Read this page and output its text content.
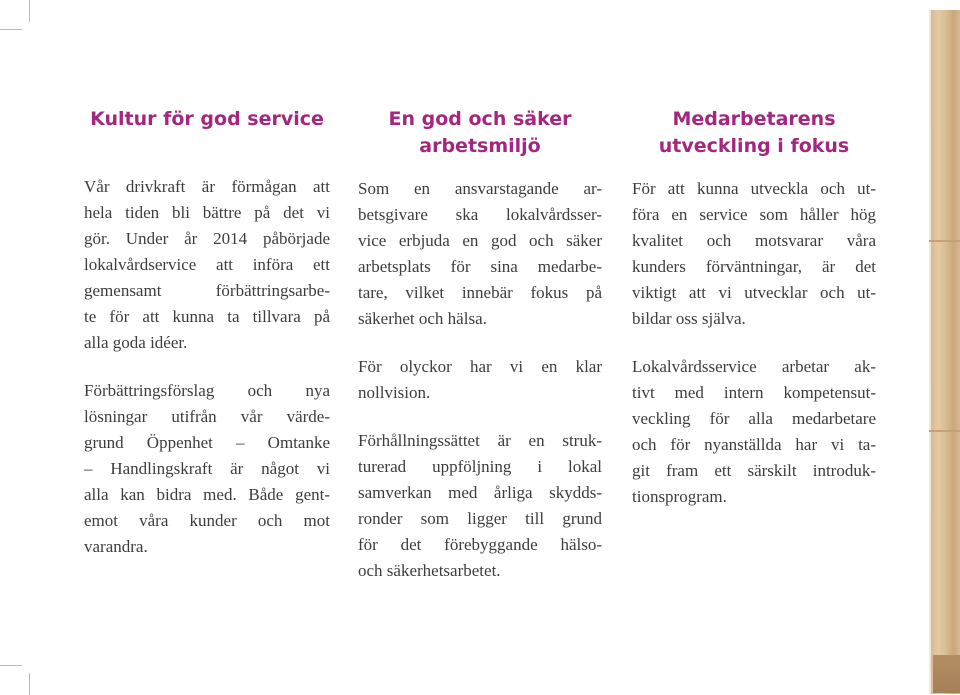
Kultur för god service
Vår drivkraft är förmågan att
hela tiden bli bättre på det vi
gör. Under år 2014 påbörjade
lokalvårdservice att införa ett
gemensamt förbättringsarbe-
te för att kunna ta tillvara på
alla goda idéer.
Förbättringsförslag och nya
lösningar utifrån vår värde-
grund Öppenhet – Omtanke
– Handlingskraft är något vi
alla kan bidra med. Både gent-
emot våra kunder och mot
varandra.
En god och säker
arbetsmiljö
Som en ansvarstagande ar-
betsgivare ska lokalvårdsser-
vice erbjuda en god och säker
arbetsplats för sina medarbe-
tare, vilket innebär fokus på
säkerhet och hälsa.
För olyckor har vi en klar
nollvision.
Förhållningssättet är en struk-
turerad uppföljning i lokal
samverkan med årliga skydds-
ronder som ligger till grund
för det förebyggande hälso-
och säkerhetsarbetet.
Medarbetarens
utveckling i fokus
För att kunna utveckla och ut-
föra en service som håller hög
kvalitet och motsvarar våra
kunders förväntningar, är det
viktigt att vi utvecklar och ut-
bildar oss själva.
Lokalvårdsservice arbetar ak-
tivt med intern kompetensut-
veckling för alla medarbetare
och för nyanställda har vi ta-
git fram ett särskilt introduk-
tionsprogram.
